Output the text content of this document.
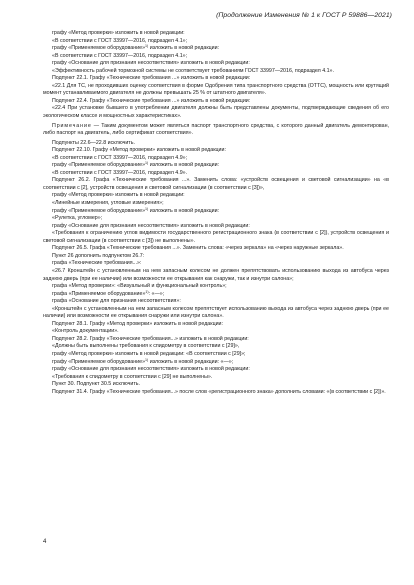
(Продолжение Изменения № 1 к ГОСТ Р 59886—2021)

графу «Метод проверки» изложить в новой редакции:

«В соответствии с ГОСТ 33997—2016, подраздел 4.1»;

графу «Применяемое оборудование»$^{1)}$ изложить в новой редакции:

«В соответствии с ГОСТ 33997—2016, подраздел 4.1»;

графу «Основание для признания несоответствия» изложить в новой редакции:

«Эффективность рабочей тормозной системы не соответствует требованиям ГОСТ 33997—2016, подраздел 4.1».

Подпункт 22.1. Графу «Технические требования ...» изложить в новой редакции:

«22.1 Для ТС, не проходивших оценку соответствия в форме Одобрения типа транспортного средства (ОТТС), мощность или крутящий момент устанавливаемого двигателя не должны превышать 25 % от штатного двигателя».

Подпункт 22.4. Графу «Технические требования ...» изложить в новой редакции:

«22.4 При установке бывшего в употреблении двигателя должны быть представлены документы, подтверждающие сведения об его экологическом классе и мощностных характеристиках».

Примечание — Таким документом может являться паспорт транспортного средства, с которого данный двигатель демонтирован, либо паспорт на двигатель, либо сертификат соответствия».

Подпункты 22.6—22.8 исключить.

Подпункт 22.10. Графу «Метод проверки» изложить в новой редакции:

«В соответствии с ГОСТ 33997—2016, подраздел 4.9»;

графу «Применяемое оборудование»$^{1)}$ изложить в новой редакции:

«В соответствии с ГОСТ 33997—2016, подраздел 4.9».

Подпункт 26.2. Графа «Технические требования ...». Заменить слова: «устройств освещения и световой сигнализации» на «в соответствии с [2], устройств освещения и световой сигнализации (в соответствии с [3])»,

графу «Метод проверки» изложить в новой редакции:

«Линейные измерения, угловые измерения»;

графу «Применяемое оборудование»$^{1)}$ изложить в новой редакции:

«Рулетка, угломер»;

графу «Основание для признания несоответствия» изложить в новой редакции:

«Требования к ограничению углов видимости государственного регистрационного знака (в соответствии с [2]), устройств освещения и световой сигнализации (в соответствии с [3]) не выполнены».

Подпункт 26.5. Графа «Технические требования ...». Заменить слова: «через зеркала» на «через наружные зеркала».

Пункт 26 дополнить подпунктом 26.7:

графа «Технические требования...»:

«26.7 Кронштейн с установленным на нем запасным колесом не должен препятствовать использованию выхода из автобуса через заднюю дверь (при ее наличии) или возможности ее открывания как снаружи, так и изнутри салона»;

графа «Метод проверки»: «Визуальный и функциональный контроль»;

графа «Применяемое оборудование»$^{1)}$: «—»;

графа «Основание для признания несоответствия»:

«Кронштейн с установленным на нем запасным колесом препятствует использованию выхода из автобуса через заднюю дверь (при ее наличии) или возможности ее открывания снаружи или изнутри салона».

Подпункт 28.1. Графу «Метод проверки» изложить в новой редакции:

«Контроль документации».

Подпункт 28.2. Графу «Технические требования...» изложить в новой редакции:

«Должны быть выполнены требования к спидометру в соответствии с [29]»,

графу «Метод проверки» изложить в новой редакции: «В соответствии с [29]»;

графу «Применяемое оборудование»$^{1)}$ изложить в новой редакции: «—»;

графу «Основание для признания несоответствия» изложить в новой редакции:

«Требования к спидометру в соответствии с [29] не выполнены».

Пункт 30. Подпункт 30.5 исключить.

Подпункт 31.4. Графу «Технические требования...» после слов «регистрационного знака» дополнить словами: «(в соответствии с [2])».

4
